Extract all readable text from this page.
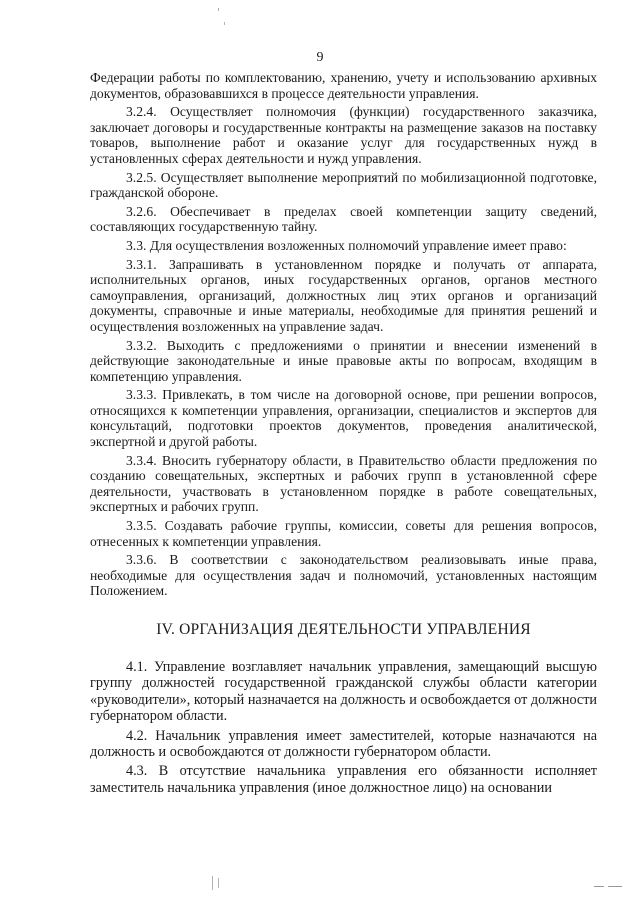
9

Федерации работы по комплектованию, хранению, учету и использованию архивных документов, образовавшихся в процессе деятельности управления.

3.2.4. Осуществляет полномочия (функции) государственного заказчика, заключает договоры и государственные контракты на размещение заказов на поставку товаров, выполнение работ и оказание услуг для государственных нужд в установленных сферах деятельности и нужд управления.

3.2.5. Осуществляет выполнение мероприятий по мобилизационной подготовке, гражданской обороне.

3.2.6. Обеспечивает в пределах своей компетенции защиту сведений, составляющих государственную тайну.

3.3. Для осуществления возложенных полномочий управление имеет право:

3.3.1. Запрашивать в установленном порядке и получать от аппарата, исполнительных органов, иных государственных органов, органов местного самоуправления, организаций, должностных лиц этих органов и организаций документы, справочные и иные материалы, необходимые для принятия решений и осуществления возложенных на управление задач.

3.3.2. Выходить с предложениями о принятии и внесении изменений в действующие законодательные и иные правовые акты по вопросам, входящим в компетенцию управления.

3.3.3. Привлекать, в том числе на договорной основе, при решении вопросов, относящихся к компетенции управления, организации, специалистов и экспертов для консультаций, подготовки проектов документов, проведения аналитической, экспертной и другой работы.

3.3.4. Вносить губернатору области, в Правительство области предложения по созданию совещательных, экспертных и рабочих групп в установленной сфере деятельности, участвовать в установленном порядке в работе совещательных, экспертных и рабочих групп.

3.3.5. Создавать рабочие группы, комиссии, советы для решения вопросов, отнесенных к компетенции управления.

3.3.6. В соответствии с законодательством реализовывать иные права, необходимые для осуществления задач и полномочий, установленных настоящим Положением.

IV. ОРГАНИЗАЦИЯ ДЕЯТЕЛЬНОСТИ УПРАВЛЕНИЯ

4.1. Управление возглавляет начальник управления, замещающий высшую группу должностей государственной гражданской службы области категории «руководители», который назначается на должность и освобождается от должности губернатором области.

4.2. Начальник управления имеет заместителей, которые назначаются на должность и освобождаются от должности губернатором области.

4.3. В отсутствие начальника управления его обязанности исполняет заместитель начальника управления (иное должностное лицо) на основании
